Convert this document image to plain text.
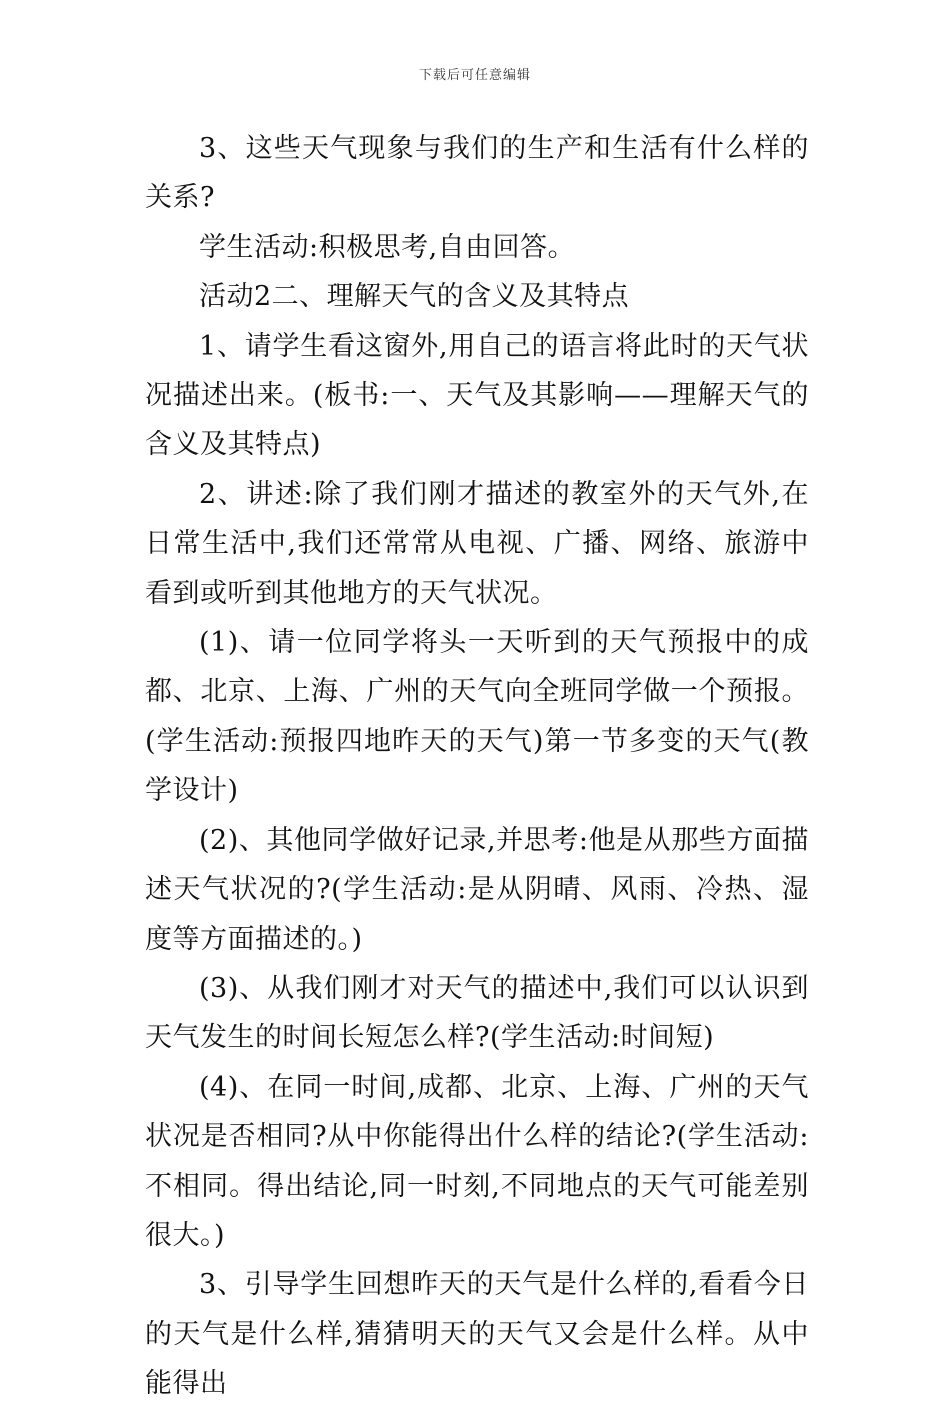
下载后可任意编辑

3、这些天气现象与我们的生产和生活有什么样的关系?

学生活动:积极思考,自由回答。

活动2二、理解天气的含义及其特点

1、请学生看这窗外,用自己的语言将此时的天气状况描述出来。(板书:一、天气及其影响——理解天气的含义及其特点)

2、讲述:除了我们刚才描述的教室外的天气外,在日常生活中,我们还常常从电视、广播、网络、旅游中看到或听到其他地方的天气状况。

(1)、请一位同学将头一天听到的天气预报中的成都、北京、上海、广州的天气向全班同学做一个预报。(学生活动:预报四地昨天的天气)第一节多变的天气(教学设计)

(2)、其他同学做好记录,并思考:他是从那些方面描述天气状况的?(学生活动:是从阴晴、风雨、冷热、湿度等方面描述的。)

(3)、从我们刚才对天气的描述中,我们可以认识到天气发生的时间长短怎么样?(学生活动:时间短)

(4)、在同一时间,成都、北京、上海、广州的天气状况是否相同?从中你能得出什么样的结论?(学生活动:不相同。得出结论,同一时刻,不同地点的天气可能差别很大。)

3、引导学生回想昨天的天气是什么样的,看看今日的天气是什么样,猜猜明天的天气又会是什么样。从中能得出
